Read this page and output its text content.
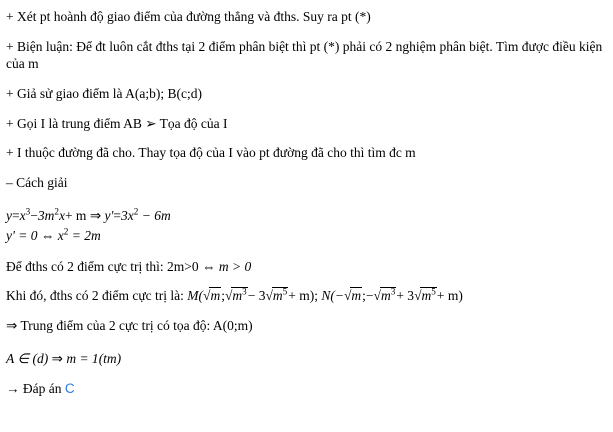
+ Xét pt hoành độ giao điểm của đường thẳng và đths. Suy ra pt (*)
+ Biện luận: Để đt luôn cắt đths tại 2 điểm phân biệt thì pt (*) phải có 2 nghiệm phân biệt. Tìm được điều kiện của m
+ Giả sử giao điểm là A(a;b); B(c;d)
+ Gọi I là trung điểm AB ➢ Tọa độ của I
+ I thuộc đường đã cho. Thay tọa độ của I vào pt đường đã cho thì tìm đc m
– Cách giải
$y=x^3-3m^2x+ m$ ⇒ $y'=3x^2 - 6m$
y' = 0 ⇔ $x^2 = 2m$
Để đths có 2 điểm cực trị thì: 2m>0 ⇔ m > 0
Khi đó, đths có 2 điểm cực trị là: $M(√m;√m^3- 3√m^5+ m)$; $N(-√m;-√m^3+ 3√m^5+ m)$
⇒ Trung điểm của 2 cực trị có tọa độ: A(0;m)
A ∈ (d) ⇒ m = 1(tm)
→ Đáp án C
